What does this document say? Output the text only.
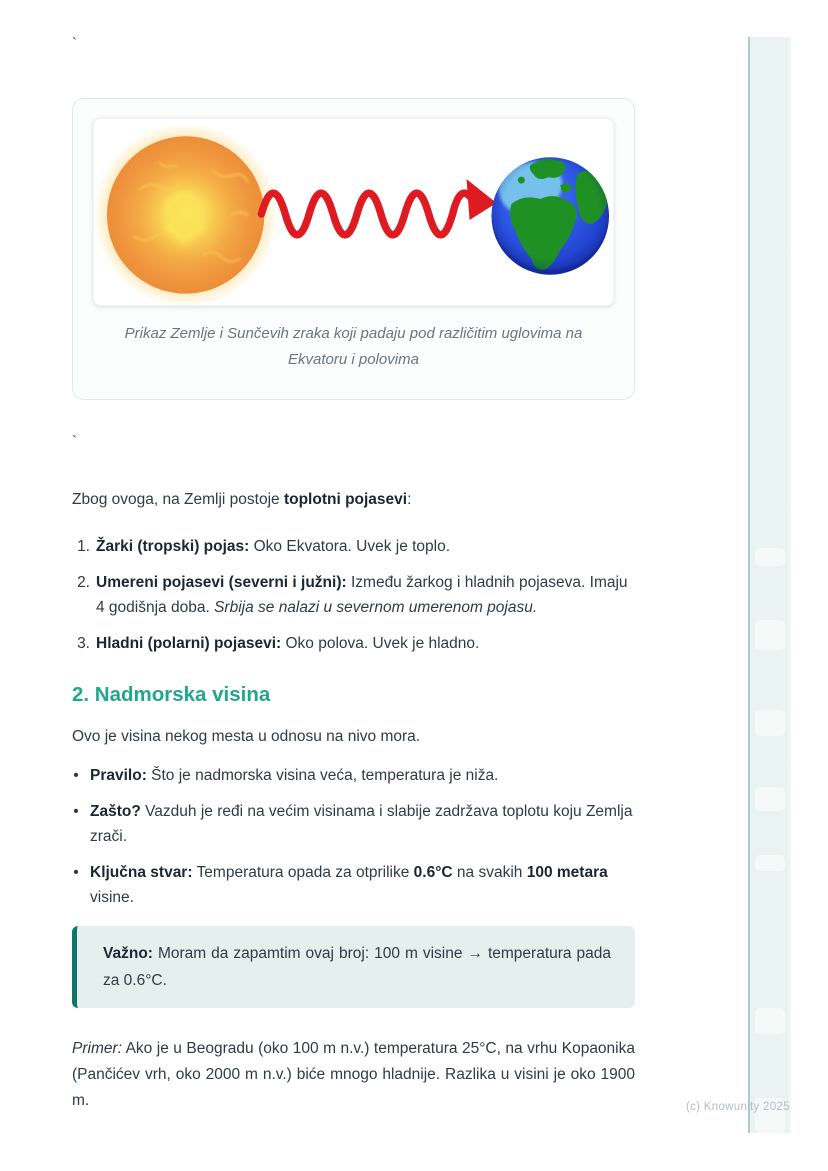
`

Prikaz Zemlje i Sunčevih zraka koji padaju pod različitim uglovima na Ekvatoru i polovima

`

Zbog ovoga, na Zemlji postoje toplotni pojasevi:

1. Žarki (tropski) pojas: Oko Ekvatora. Uvek je toplo.
2. Umereni pojasevi (severni i južni): Između žarkog i hladnih pojaseva. Imaju 4 godišnja doba. Srbija se nalazi u severnom umerenom pojasu.
3. Hladni (polarni) pojasevi: Oko polova. Uvek je hladno.
2. Nadmorska visina

Ovo je visina nekog mesta u odnosu na nivo mora.

• Pravilo: Što je nadmorska visina veća, temperatura je niža.
• Zašto? Vazduh je ređi na većim visinama i slabije zadržava toplotu koju Zemlja zrači.
• Ključna stvar: Temperatura opada za otprilike 0.6°C na svakih 100 metara visine.
Važno: Moram da zapamtim ovaj broj: 100 m visine → temperatura pada za 0.6°C.

Primer: Ako je u Beogradu (oko 100 m n.v.) temperatura 25°C, na vrhu Kopaonika (Pančićev vrh, oko 2000 m n.v.) biće mnogo hladnije. Razlika u visini je oko 1900 m.	(c) Knowunity 2025
